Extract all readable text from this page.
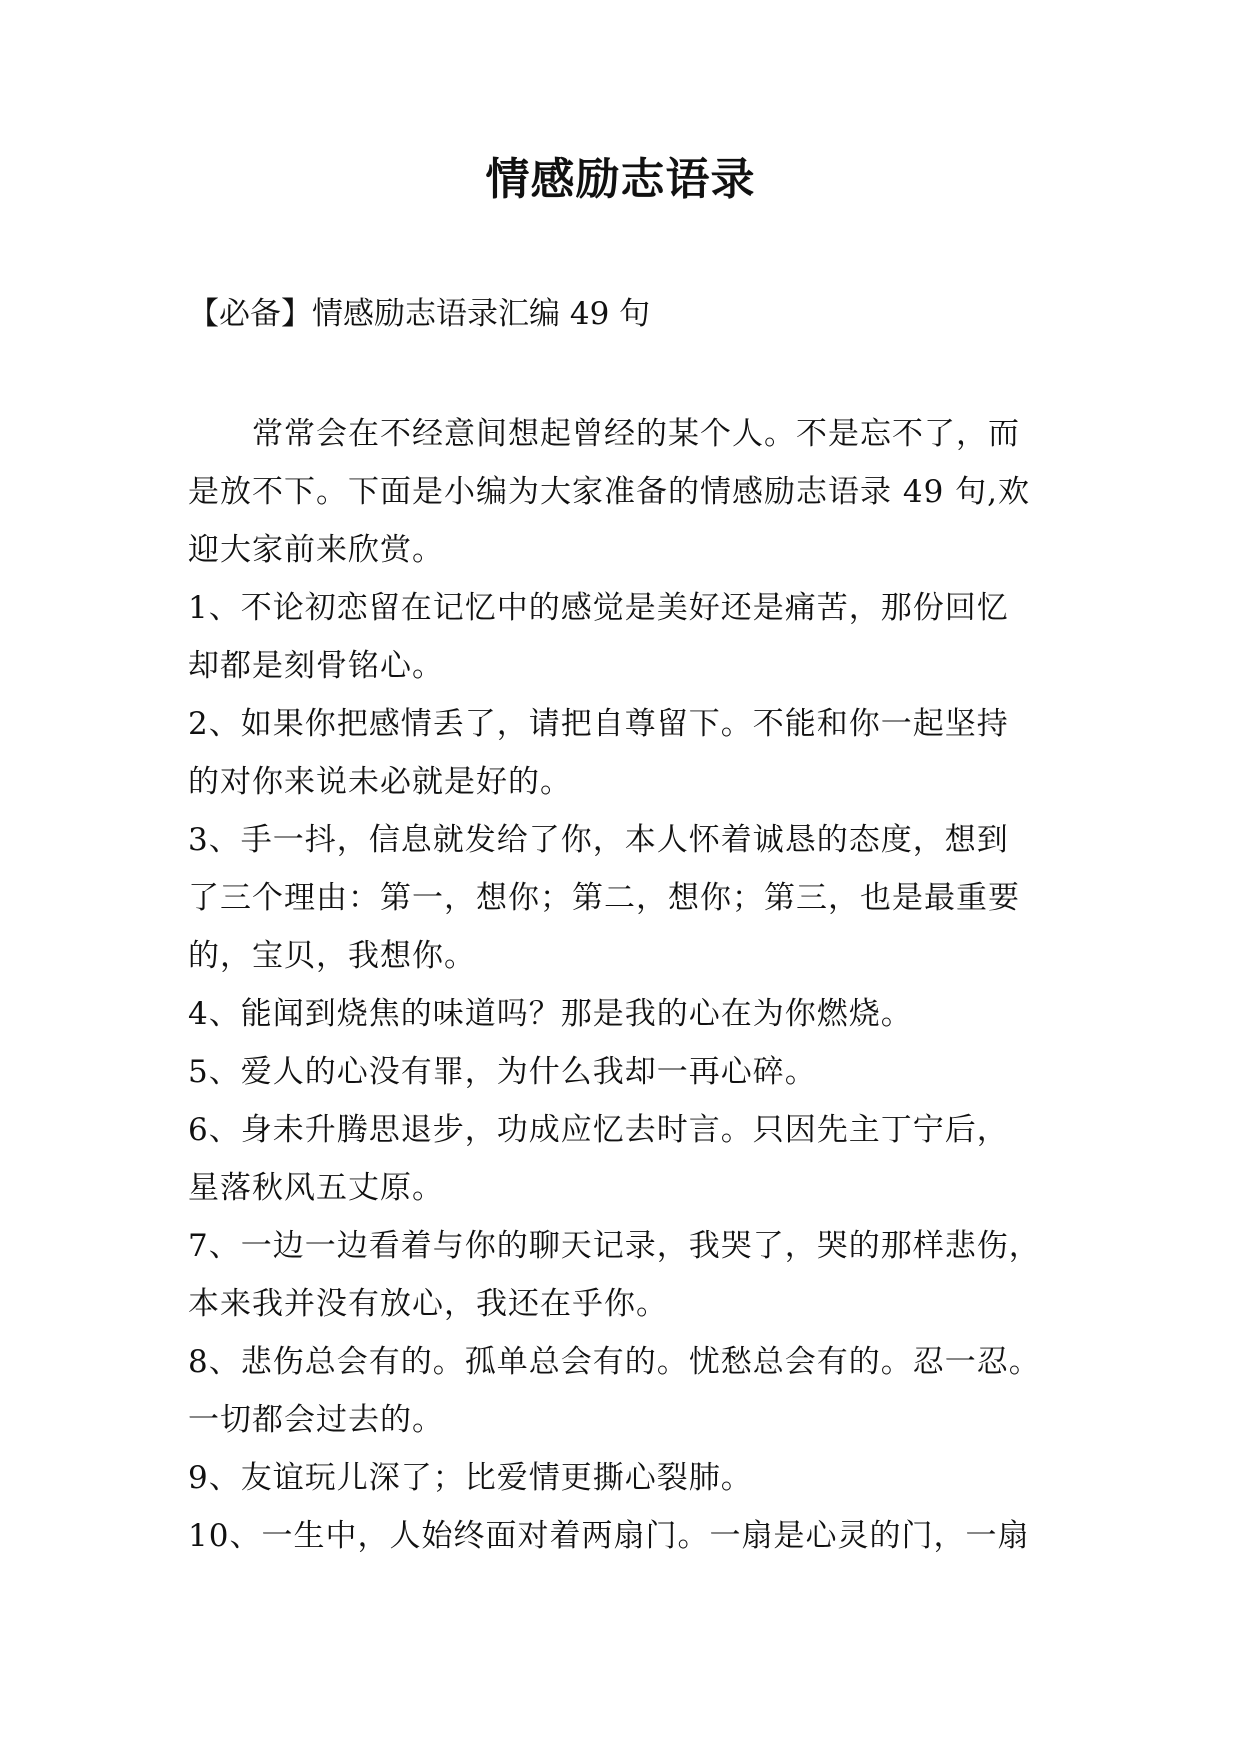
情感励志语录
【必备】情感励志语录汇编 49 句

　　常常会在不经意间想起曾经的某个人。不是忘不了，而

是放不下。下面是小编为大家准备的情感励志语录 49 句,欢

迎大家前来欣赏。

1、不论初恋留在记忆中的感觉是美好还是痛苦，那份回忆

却都是刻骨铭心。

2、如果你把感情丢了，请把自尊留下。不能和你一起坚持

的对你来说未必就是好的。

3、手一抖，信息就发给了你，本人怀着诚恳的态度，想到

了三个理由：第一，想你；第二，想你；第三，也是最重要

的，宝贝，我想你。

4、能闻到烧焦的味道吗？那是我的心在为你燃烧。

5、爱人的心没有罪，为什么我却一再心碎。

6、身未升腾思退步，功成应忆去时言。只因先主丁宁后，

星落秋风五丈原。

7、一边一边看着与你的聊天记录，我哭了，哭的那样悲伤，

本来我并没有放心，我还在乎你。

8、悲伤总会有的。孤单总会有的。忧愁总会有的。忍一忍。

一切都会过去的。

9、友谊玩儿深了；比爱情更撕心裂肺。

10、一生中，人始终面对着两扇门。一扇是心灵的门，一扇
